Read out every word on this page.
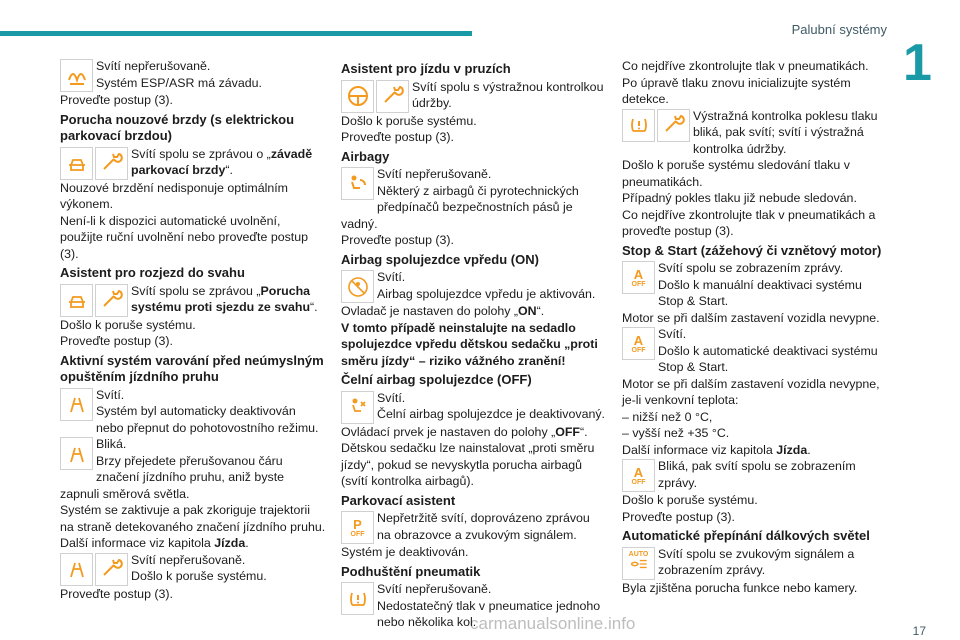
Palubní systémy
1
17
carmanualsonline.info

Svítí nepřerušovaně.

Systém ESP/ASR má závadu.

Proveďte postup (3).

Porucha nouzové brzdy (s elektrickou parkovací brzdou)

Svítí spolu se zprávou o „závadě parkovací brzdy“.

Nouzové brzdění nedisponuje optimálním výkonem.

Není-li k dispozici automatické uvolnění, použijte ruční uvolnění nebo proveďte postup (3).

Asistent pro rozjezd do svahu

Svítí spolu se zprávou „Porucha systému proti sjezdu ze svahu“.

Došlo k poruše systému.

Proveďte postup (3).

Aktivní systém varování před neúmyslným opuštěním jízdního pruhu

Svítí.

Systém byl automaticky deaktivován nebo přepnut do pohotovostního režimu.

Bliká.

Brzy přejedete přerušovanou čáru značení jízdního pruhu, aniž byste zapnuli směrová světla.

Systém se zaktivuje a pak zkoriguje trajektorii na straně detekovaného značení jízdního pruhu.

Další informace viz kapitola Jízda.

Svítí nepřerušovaně.

Došlo k poruše systému.

Proveďte postup (3).

Asistent pro jízdu v pruzích

Svítí spolu s výstražnou kontrolkou údržby.

Došlo k poruše systému.

Proveďte postup (3).

Airbagy

Svítí nepřerušovaně.

Některý z airbagů či pyrotechnických předpínačů bezpečnostních pásů je vadný.

Proveďte postup (3).

Airbag spolujezdce vpředu (ON)

Svítí.

Airbag spolujezdce vpředu je aktivován.

Ovladač je nastaven do polohy „ON“.

V tomto případě neinstalujte na sedadlo spolujezdce vpředu dětskou sedačku „proti směru jízdy“ – riziko vážného zranění!

Čelní airbag spolujezdce (OFF)

Svítí.

Čelní airbag spolujezdce je deaktivovaný.

Ovládací prvek je nastaven do polohy „OFF“.

Dětskou sedačku lze nainstalovat „proti směru jízdy“, pokud se nevyskytla porucha airbagů (svítí kontrolka airbagů).

Parkovací asistent
P
OFF

Nepřetržitě svítí, doprovázeno zprávou na obrazovce a zvukovým signálem.

Systém je deaktivován.

Podhuštění pneumatik

Svítí nepřerušovaně.

Nedostatečný tlak v pneumatice jednoho nebo několika kol.

Co nejdříve zkontrolujte tlak v pneumatikách.

Po úpravě tlaku znovu inicializujte systém detekce.

Výstražná kontrolka poklesu tlaku bliká, pak svítí; svítí i výstražná kontrolka údržby.

Došlo k poruše systému sledování tlaku v pneumatikách.

Případný pokles tlaku již nebude sledován.

Co nejdříve zkontrolujte tlak v pneumatikách a proveďte postup (3).

Stop & Start (zážehový či vznětový motor)
A
OFF

Svítí spolu se zobrazením zprávy.

Došlo k manuální deaktivaci systému Stop & Start.

Motor se při dalším zastavení vozidla nevypne.

A
OFF

Svítí.

Došlo k automatické deaktivaci systému Stop & Start.

Motor se při dalším zastavení vozidla nevypne, je-li venkovní teplota:

– nižší než 0 °C,

– vyšší než +35 °C.

Další informace viz kapitola Jízda.

A
OFF

Bliká, pak svítí spolu se zobrazením zprávy.

Došlo k poruše systému.

Proveďte postup (3).

Automatické přepínání dálkových světel
AUTO Svítí spolu se zvukovým signálem a zobrazením zprávy.

Byla zjištěna porucha funkce nebo kamery.
